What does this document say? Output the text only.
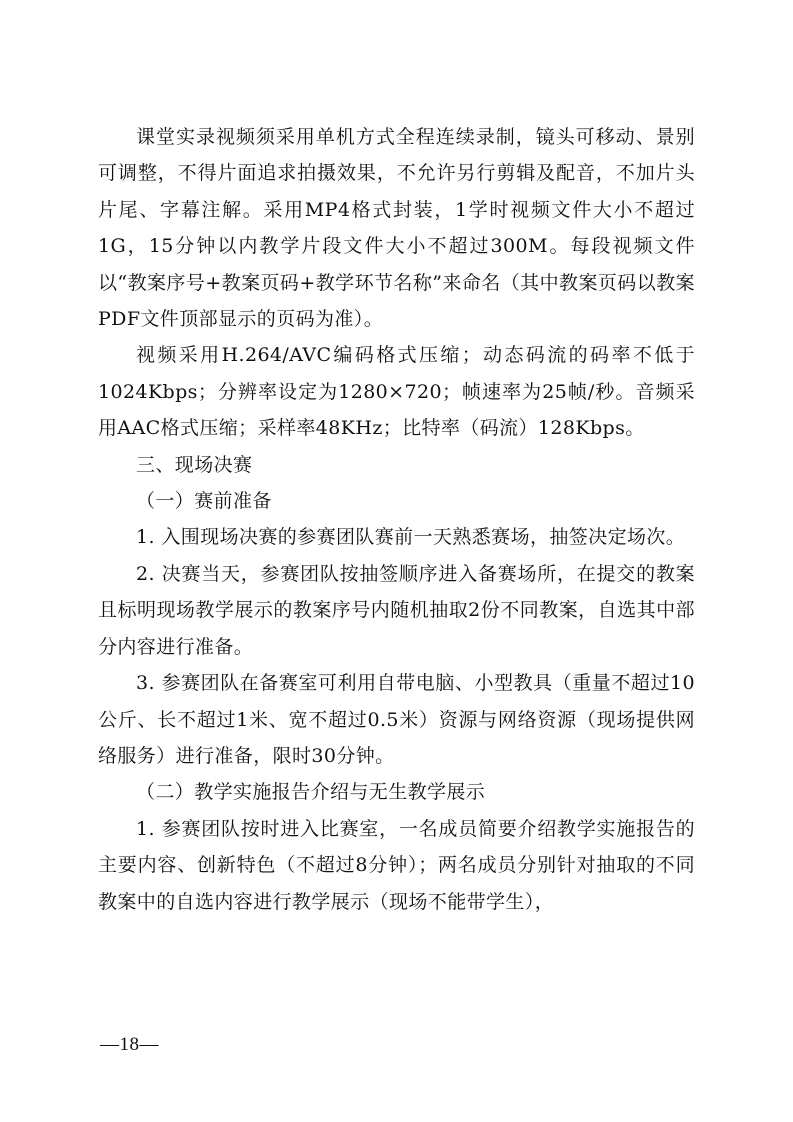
课堂实录视频须采用单机方式全程连续录制，镜头可移动、景别可调整，不得片面追求拍摄效果，不允许另行剪辑及配音，不加片头片尾、字幕注解。采用MP4格式封装，1学时视频文件大小不超过1G，15分钟以内教学片段文件大小不超过300M。每段视频文件以“教案序号+教案页码+教学环节名称”来命名（其中教案页码以教案PDF文件顶部显示的页码为准）。

视频采用H.264/AVC编码格式压缩；动态码流的码率不低于1024Kbps；分辨率设定为1280×720；帧速率为25帧/秒。音频采用AAC格式压缩；采样率48KHz；比特率（码流）128Kbps。

三、现场决赛

（一）赛前准备

1. 入围现场决赛的参赛团队赛前一天熟悉赛场，抽签决定场次。

2. 决赛当天，参赛团队按抽签顺序进入备赛场所，在提交的教案且标明现场教学展示的教案序号内随机抽取2份不同教案，自选其中部分内容进行准备。

3. 参赛团队在备赛室可利用自带电脑、小型教具（重量不超过10公斤、长不超过1米、宽不超过0.5米）资源与网络资源（现场提供网络服务）进行准备，限时30分钟。

（二）教学实施报告介绍与无生教学展示

1. 参赛团队按时进入比赛室，一名成员简要介绍教学实施报告的主要内容、创新特色（不超过8分钟）；两名成员分别针对抽取的不同教案中的自选内容进行教学展示（现场不能带学生），

—18—
